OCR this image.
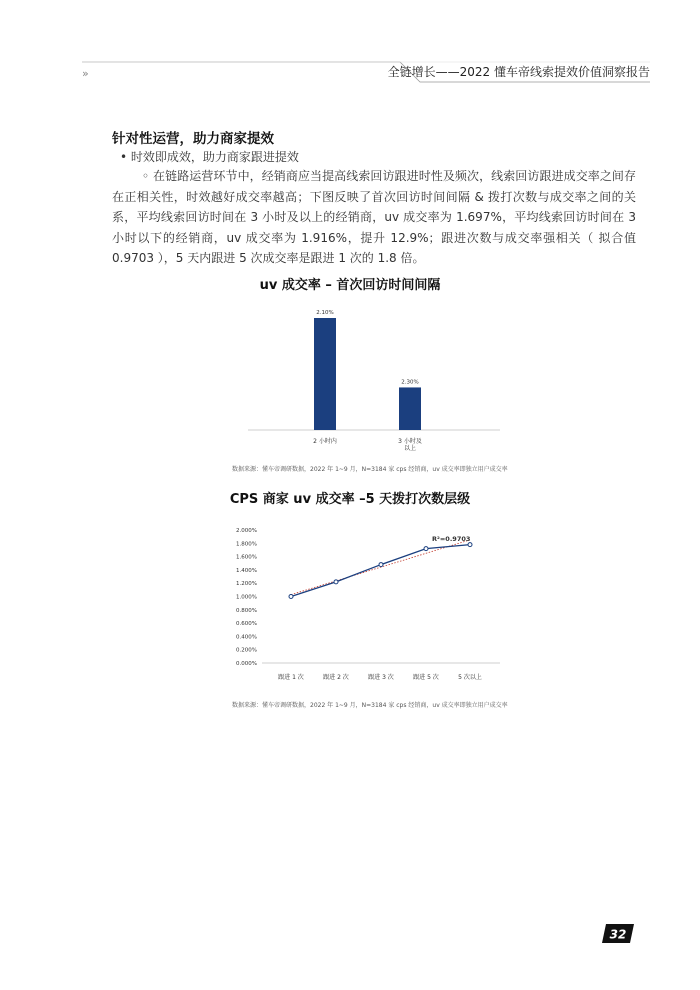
»	全链增长——2022 懂车帝线索提效价值洞察报告
针对性运营，助力商家提效
• 时效即成效，助力商家跟进提效

◦ 在链路运营环节中，经销商应当提高线索回访跟进时性及频次，线索回访跟进成交率之间存在正相关性，时效越好成交率越高；下图反映了首次回访时间间隔 & 拨打次数与成交率之间的关系，平均线索回访时间在 3 小时及以上的经销商，uv 成交率为 1.697%，平均线索回访时间在 3 小时以下的经销商，uv 成交率为 1.916%，提升 12.9%；跟进次数与成交率强相关（ 拟合值 0.9703 ），5 天内跟进 5 次成交率是跟进 1 次的 1.8 倍。

uv 成交率 – 首次回访时间间隔
2.10%
2 小时内
2.30%
3 小时及
以上
数据来源：懂车帝调研数据，2022 年 1~9 月，N=3184 家 cps 经销商，uv 成交率即独立用户成交率
CPS 商家 uv 成交率 –5 天拨打次数层级
0.000%
0.200%
0.400%
0.600%
0.800%
1.000%
1.200%
1.400%
1.600%
1.800%
2.000%
跟进 1 次	跟进 2 次	跟进 3 次	跟进 5 次	5 次以上
R²=0.9703
数据来源：懂车帝调研数据，2022 年 1~9 月，N=3184 家 cps 经销商，uv 成交率即独立用户成交率
32
